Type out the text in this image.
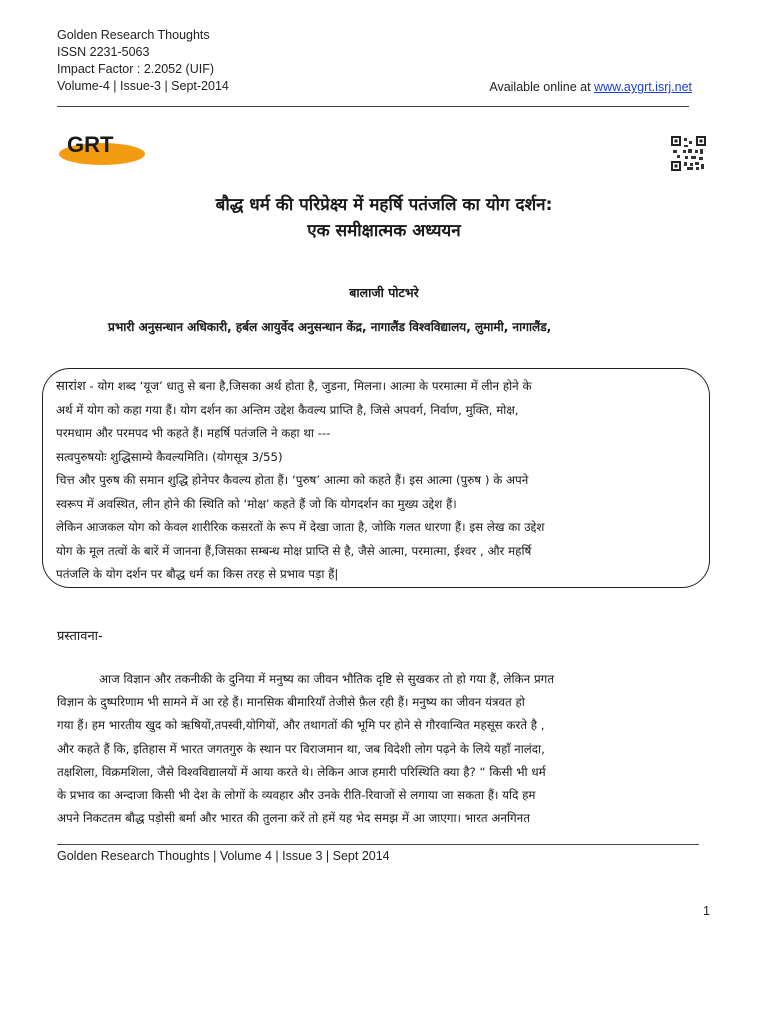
Golden Research Thoughts
ISSN 2231-5063
Impact Factor : 2.2052 (UIF)
Volume-4 | Issue-3 | Sept-2014	Available online at www.aygrt.isrj.net
GRT
बौद्ध धर्म की परिप्रेक्ष्य में महर्षि पतंजलि का योग दर्शन:
एक समीक्षात्मक अध्ययन
बालाजी पोटभरे
प्रभारी अनुसन्धान अधिकारी, हर्बल आयुर्वेद अनुसन्धान केंद्र, नागालैंड विश्वविद्यालय, लुमामी, नागालैंड,

सारांश - योग शब्द ‘यूज’ धातु से बना है,जिसका अर्थ होता है, जुडना, मिलना। आत्मा के परमात्मा में लीन होने के

अर्थ में योग को कहा गया हैं। योग दर्शन का अन्तिम उद्देश कैवल्य प्राप्ति है, जिसे अपवर्ग, निर्वाण, मुक्ति, मोक्ष,

परमधाम और परमपद भी कहते हैं। महर्षि पतंजलि ने कहा था ---

सत्वपुरुषयोः शुद्धिसाम्ये कैवल्यमिति। (योगसूत्र 3/55)

चित्त और पुरुष की समान शुद्धि होनेपर कैवल्य होता हैं। ‘पुरुष’ आत्मा को कहते हैं। इस आत्मा (पुरुष ) के अपने

स्वरूप में अवस्थित, लीन होने की स्थिति को ‘मोक्ष’ कहते हैं जो कि योगदर्शन का मुख्य उद्देश हैं।

लेकिन आजकल योग को केवल शारीरिक कसरतों के रूप में देखा जाता है, जोकि गलत धारणा हैं। इस लेख का उद्देश

योग के मूल तत्वों के बारें में जानना हैं,जिसका सम्बन्ध मोक्ष प्राप्ति से है, जैसे आत्मा, परमात्मा, ईश्वर , और महर्षि

पतंजलि के योग दर्शन पर बौद्ध धर्म का किस तरह से प्रभाव पड़ा हैं|

प्रस्तावना-

आज विज्ञान और तकनीकी के दुनिया में मनुष्य का जीवन भौतिक दृष्टि से सुखकर तो हो गया हैं, लेकिन प्रगत

विज्ञान के दुष्परिणाम भी सामने में आ रहे हैं। मानसिक बीमारियाँ तेजीसे फ़ैल रही हैं। मनुष्य का जीवन यंत्रवत हो

गया हैं। हम भारतीय खुद को ऋषियों,तपस्वी,योगियों, और तथागतों की भूमि पर होने से गौरवान्वित महसूस करते है ,

और कहते हैं कि, इतिहास में भारत जगतगुरु के स्थान पर विराजमान था, जब विदेशी लोग पढ़ने के लिये यहाँ नालंदा,

तक्षशिला, विक्रमशिला, जैसे विश्वविद्यालयों में आया करते थे। लेकिन आज हमारी परिस्थिति क्या है? “ किसी भी धर्म

के प्रभाव का अन्दाजा किसी भी देश के लोगों के व्यवहार और उनके रीति-रिवाजों से लगाया जा सकता हैं। यदि हम

अपने निकटतम बौद्ध पड़ोसी बर्मा और भारत की तुलना करें तो हमें यह भेद समझ में आ जाएगा। भारत अनगिनत

Golden Research Thoughts | Volume 4 | Issue 3 | Sept 2014
1
